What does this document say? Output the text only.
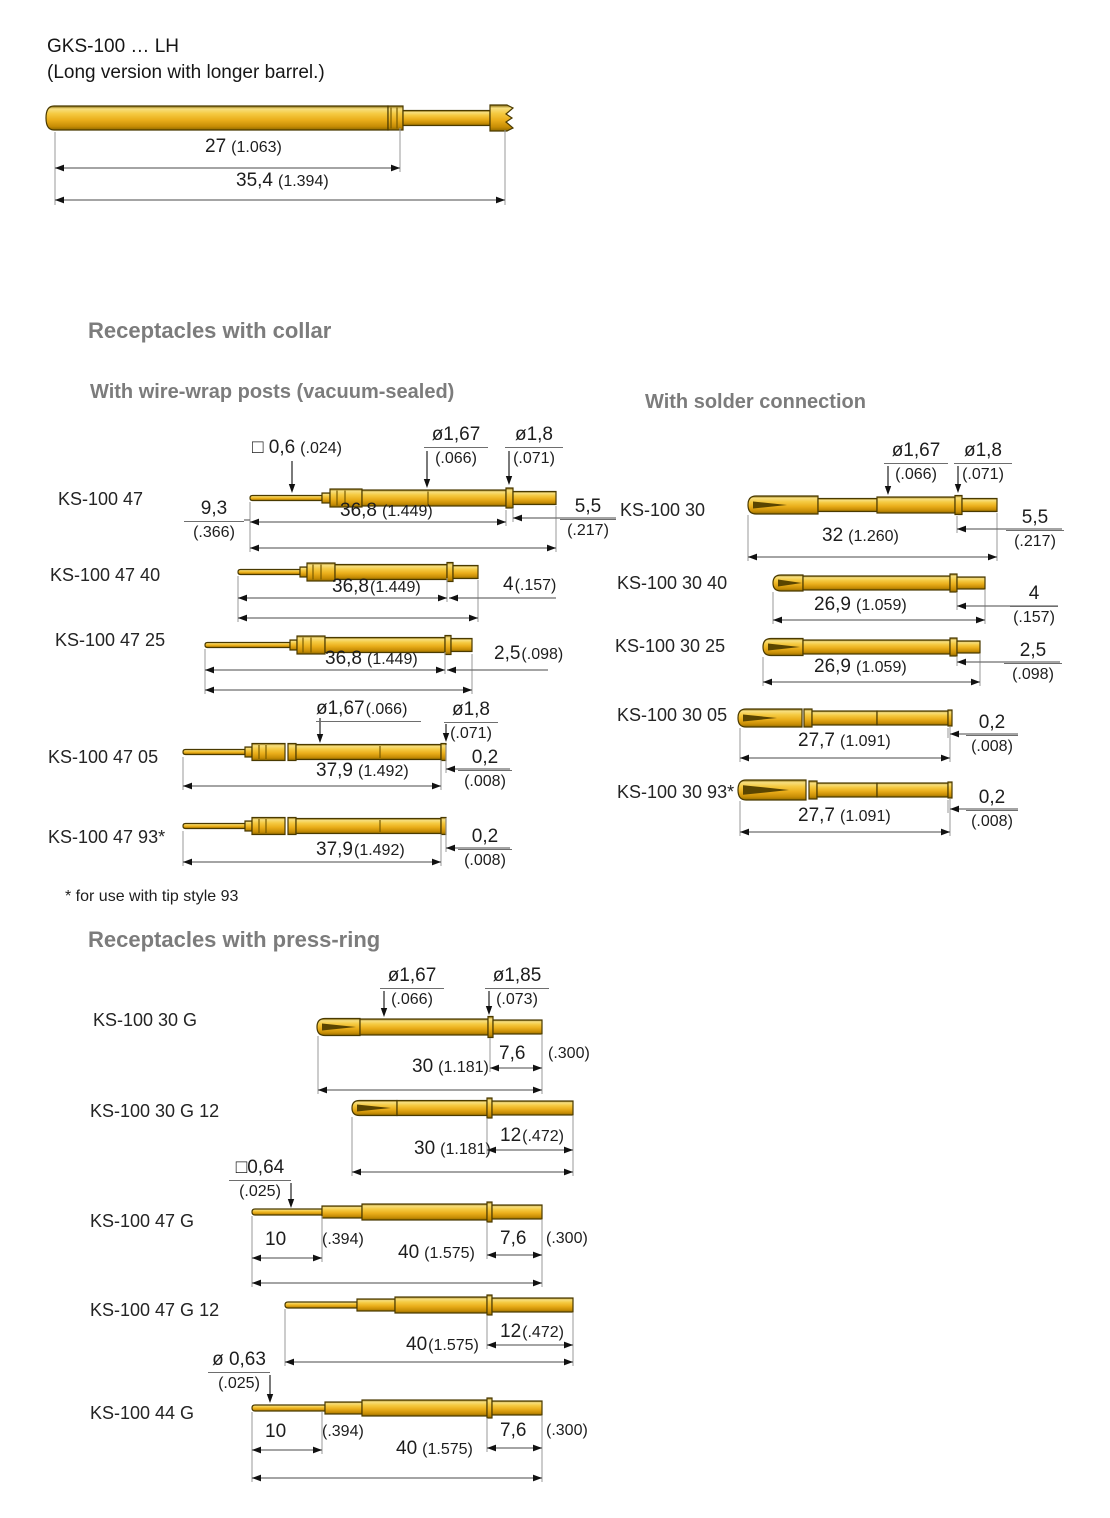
GKS-100 … LH
(Long version with longer barrel.)
27 (1.063)
35,4 (1.394)
Receptacles with collar
With wire-wrap posts (vacuum-sealed)	With solder connection
* for use with tip style 93
Receptacles with press-ring
KS-100 47
□ 0,6 (.024)
ø1,67
(.066)
ø1,8
(.071)
9,3
(.366)
36,8 (1.449)	5,5
(.217)
KS-100 47 40
36,8(1.449)	4(.157)
KS-100 47 25
36,8 (1.449)	2,5(.098)
KS-100 47 05
ø1,67(.066)	ø1,8
(.071)
37,9 (1.492)
0,2
(.008)
KS-100 47 93*
37,9(1.492)
0,2
(.008)
KS-100 30
ø1,67
(.066)
ø1,8
(.071)
32 (1.260)
5,5
(.217)
KS-100 30 40
26,9 (1.059)
4
(.157)
KS-100 30 25
26,9 (1.059)
2,5
(.098)
KS-100 30 05
27,7 (1.091)
0,2
(.008)
KS-100 30 93*
27,7 (1.091)
0,2
(.008)
KS-100 30 G
ø1,67
(.066)
ø1,85
(.073)
30 (1.181)
7,6 (.300)
KS-100 30 G 12
30 (1.181)
12(.472)
KS-100 47 G
□0,64
(.025)
10 (.394)
40 (1.575)
7,6 (.300)
KS-100 47 G 12
40(1.575)
12(.472)
KS-100 44 G
ø 0,63
(.025)
10 (.394)
40 (1.575)
7,6 (.300)
